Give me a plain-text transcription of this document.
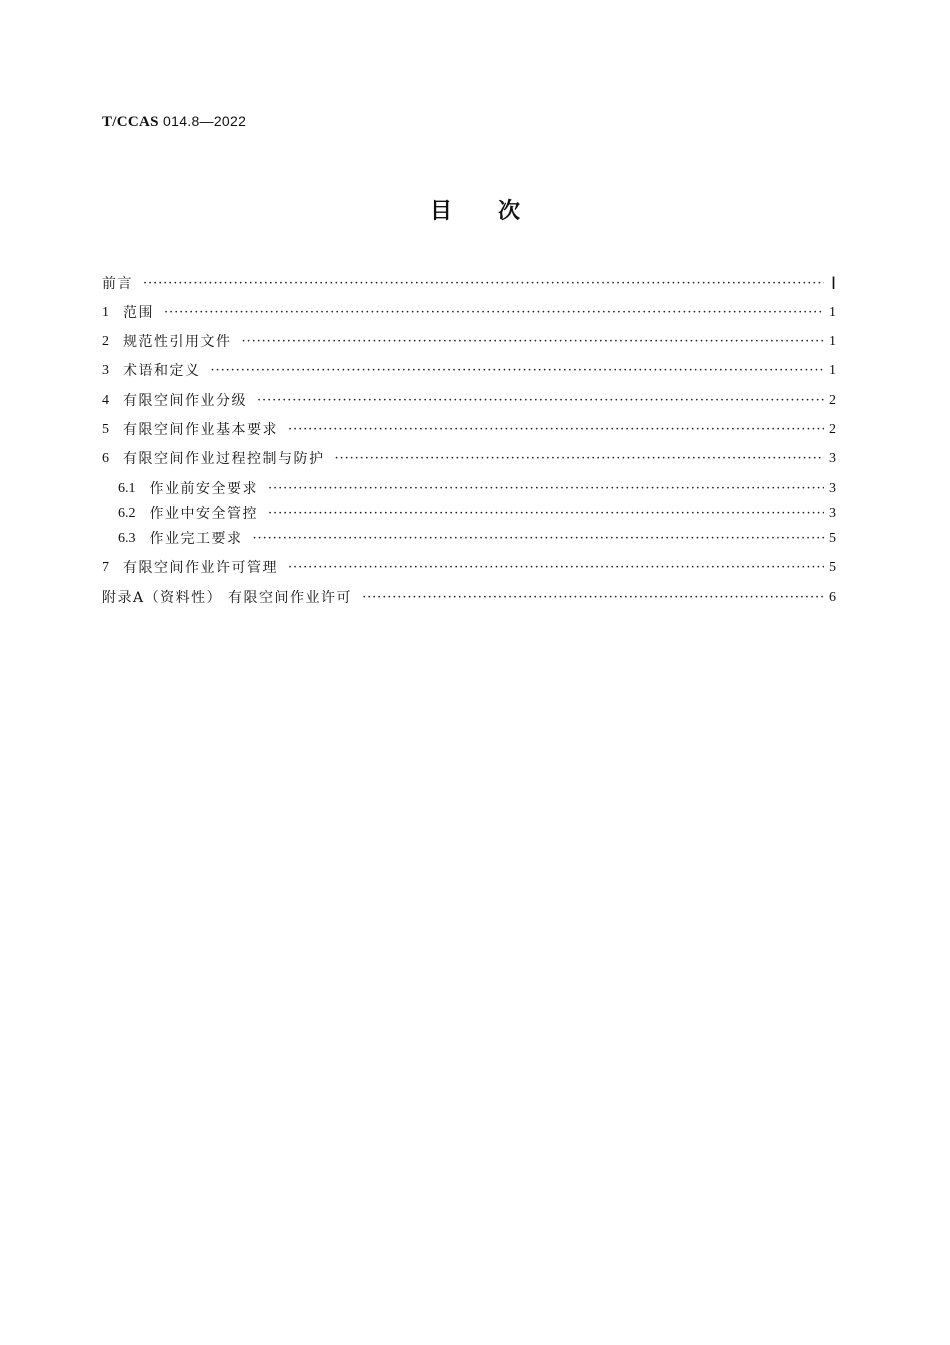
T/CCAS 014.8—2022
目次
前言 ·····	Ⅰ
1 范围 ·····	1
2 规范性引用文件 ·····	1
3 术语和定义 ·····	1
4 有限空间作业分级 ·····	2
5 有限空间作业基本要求 ·····	2
6 有限空间作业过程控制与防护 ·····	3
6.1 作业前安全要求 ·····	3
6.2 作业中安全管控 ·····	3
6.3 作业完工要求 ·····	5
7 有限空间作业许可管理 ·····	5
附录A（资料性） 有限空间作业许可 ·····	6
